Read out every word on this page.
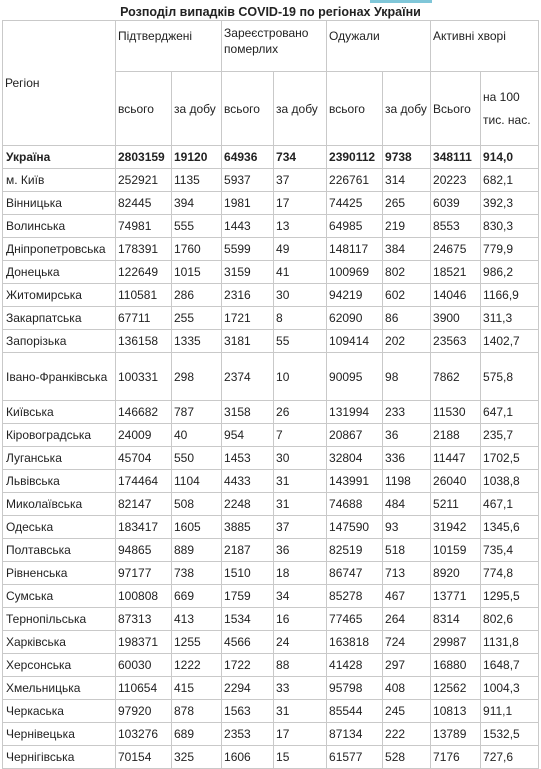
Розподіл випадків COVID-19 по регіонах України
Регіон	Підтверджені		Зареєстровано померлих		Одужали		Активні хворі	
	всього	за добу	всього	за добу	всього	за добу	Всього	на 100 тис. нас.
Україна	2803159	19120	64936	734	2390112	9738	348111	914,0
м. Київ	252921	1135	5937	37	226761	314	20223	682,1
Вінницька	82445	394	1981	17	74425	265	6039	392,3
Волинська	74981	555	1443	13	64985	219	8553	830,3
Дніпропетровська	178391	1760	5599	49	148117	384	24675	779,9
Донецька	122649	1015	3159	41	100969	802	18521	986,2
Житомирська	110581	286	2316	30	94219	602	14046	1166,9
Закарпатська	67711	255	1721	8	62090	86	3900	311,3
Запорізька	136158	1335	3181	55	109414	202	23563	1402,7
Івано-Франківська	100331	298	2374	10	90095	98	7862	575,8
Київська	146682	787	3158	26	131994	233	11530	647,1
Кіровоградська	24009	40	954	7	20867	36	2188	235,7
Луганська	45704	550	1453	30	32804	336	11447	1702,5
Львівська	174464	1104	4433	31	143991	1198	26040	1038,8
Миколаївська	82147	508	2248	31	74688	484	5211	467,1
Одеська	183417	1605	3885	37	147590	93	31942	1345,6
Полтавська	94865	889	2187	36	82519	518	10159	735,4
Рівненська	97177	738	1510	18	86747	713	8920	774,8
Сумська	100808	669	1759	34	85278	467	13771	1295,5
Тернопільська	87313	413	1534	16	77465	264	8314	802,6
Харківська	198371	1255	4566	24	163818	724	29987	1131,8
Херсонська	60030	1222	1722	88	41428	297	16880	1648,7
Хмельницька	110654	415	2294	33	95798	408	12562	1004,3
Черкаська	97920	878	1563	31	85544	245	10813	911,1
Чернівецька	103276	689	2353	17	87134	222	13789	1532,5
Чернігівська	70154	325	1606	15	61577	528	7176	727,6
